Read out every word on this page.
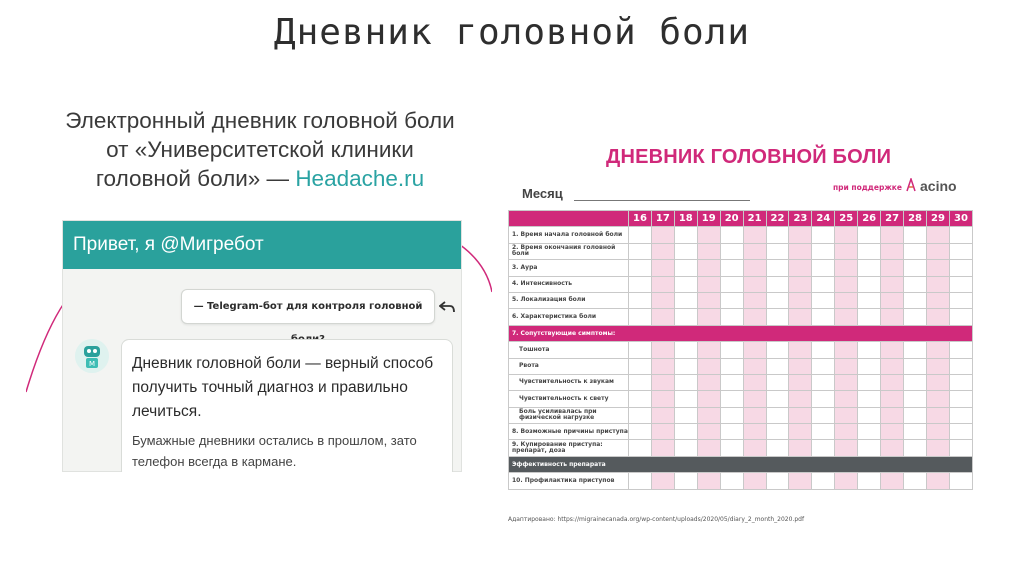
Дневник головной боли
Электронный дневник головной боли
от «Университетской клиники
головной боли» — Headache.ru
Привет, я @Мигребот
— Telegram-бот для контроля головной
M Дневник головной боли — верный способ получить точный диагноз и правильно лечиться.

Бумажные дневники остались в прошлом, зато телефон всегда в кармане.

ДНЕВНИК ГОЛОВНОЙ БОЛИ
Месяц	при поддержке acino
	16	17	18	19	20	21	22	23	24	25	26	27	28	29	30
1. Время начала головной боли															
2. Время окончания головной боли															
3. Аура															
4. Интенсивность															
5. Локализация боли															
6. Характеристика боли															
7. Сопутствующие симптомы:															
Тошнота															
Рвота															
Чувствительность к звукам															
Чувствительность к свету															
Боль усиливалась при физической нагрузке															
8. Возможные причины приступа															
9. Купирование приступа: препарат, доза															
Эффективность препарата															
10. Профилактика приступов															
Адаптировано: https://migrainecanada.org/wp-content/uploads/2020/05/diary_2_month_2020.pdf
